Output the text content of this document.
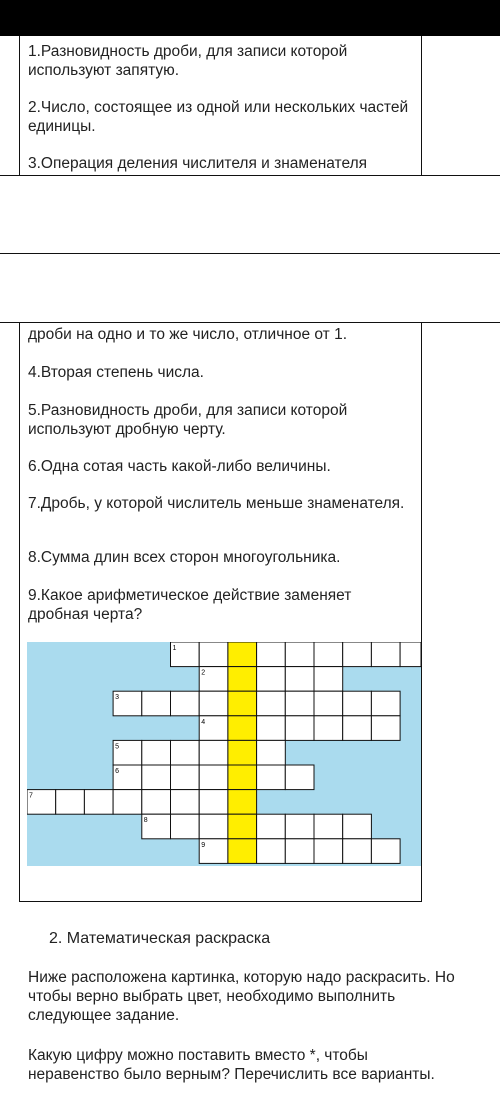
1.Разновидность дроби, для записи которой используют запятую.
2.Число, состоящее из одной или нескольких частей единицы.
3.Операция деления числителя и знаменателя
дроби на одно и то же число, отличное от 1.
4.Вторая степень числа.
5.Разновидность дроби, для записи которой используют дробную черту.
6.Одна сотая часть какой-либо величины.
7.Дробь, у которой числитель меньше знаменателя.
8.Сумма длин всех сторон многоугольника.
9.Какое арифметическое действие заменяет дробная черта?
1
2
3
4
5
6
7
8
9
2. Математическая раскраска
Ниже расположена картинка, которую надо раскрасить. Но чтобы верно выбрать цвет, необходимо выполнить следующее задание.
Какую цифру можно поставить вместо *, чтобы неравенство было верным? Перечислить все варианты.
